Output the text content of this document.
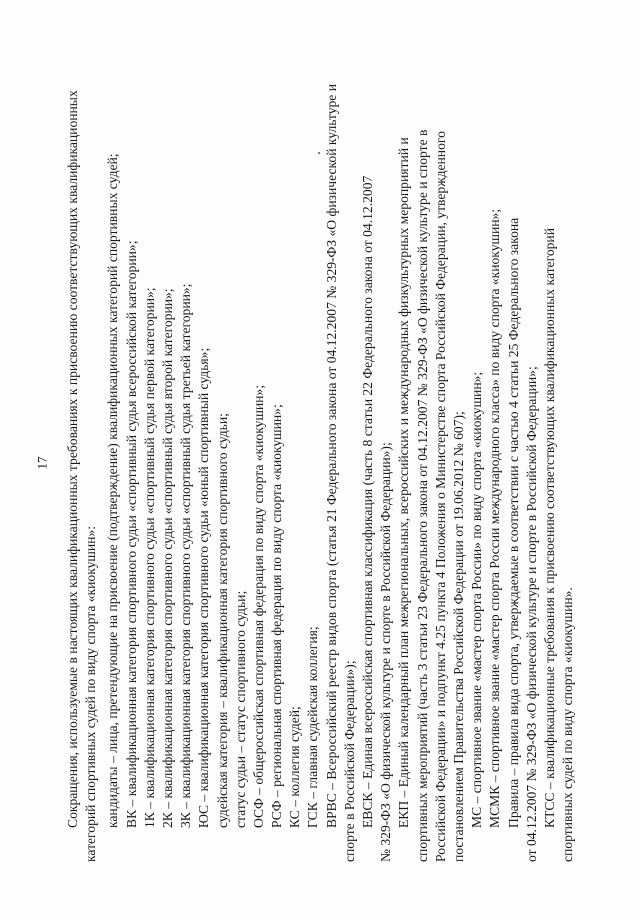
17 Сокращения, используемые в настоящих квалификационных требованиях к присвоению соответствующих квалификационных категорий спортивных судей по виду спорта «киокушин»: кандидаты – лица, претендующие на присвоение (подтверждение) квалификационных категорий спортивных судей; ВК – квалификационная категория спортивного судьи «спортивный судья всероссийской категории»; 1К – квалификационная категория спортивного судьи «спортивный судья первой категории»; 2К – квалификационная категория спортивного судьи «спортивный судья второй категории»; 3К – квалификационная категория спортивного судьи «спортивный судья третьей категории»; ЮС – квалификационная категория спортивного судьи «юный спортивный судья»; судейская категория – квалификационная категория спортивного судьи; статус судьи – статус спортивного судьи; ОСФ – общероссийская спортивная федерация по виду спорта «киокушин»; РСФ – региональная спортивная федерация по виду спорта «киокушин»; КС – коллегия судей; ГСК – главная судейская коллегия; ВРВС – Всероссийский реестр видов спорта (статья 21 Федерального закона от 04.12.2007 № 329-ФЗ «О физической культуре и спорте в Российской Федерации»); ЕВСК – Единая всероссийская спортивная классификация (часть 8 статьи 22 Федерального закона от 04.12.2007 № 329-ФЗ «О физической культуре и спорте в Российской Федерации»); ЕКП – Единый календарный план межрегиональных, всероссийских и международных физкультурных мероприятий и спортивных мероприятий (часть 3 статьи 23 Федерального закона от 04.12.2007 № 329-ФЗ «О физической культуре и спорте в Российской Федерации» и подпункт 4.25 пункта 4 Положения о Министерстве спорта Российской Федерации, утвержденного постановлением Правительства Российской Федерации от 19.06.2012 № 607); МС – спортивное звание «мастер спорта России» по виду спорта «киокушин»; МСМК – спортивное звание «мастер спорта России международного класса» по виду спорта «киокушин»; Правила – правила вида спорта, утверждаемые в соответствии с частью 4 статьи 25 Федерального закона от 04.12.2007 № 329-ФЗ «О физической культуре и спорте в Российской Федерации»; КТСС – квалификационные требования к присвоению соответствующих квалификационных категорий спортивных судей по виду спорта «киокушин».
